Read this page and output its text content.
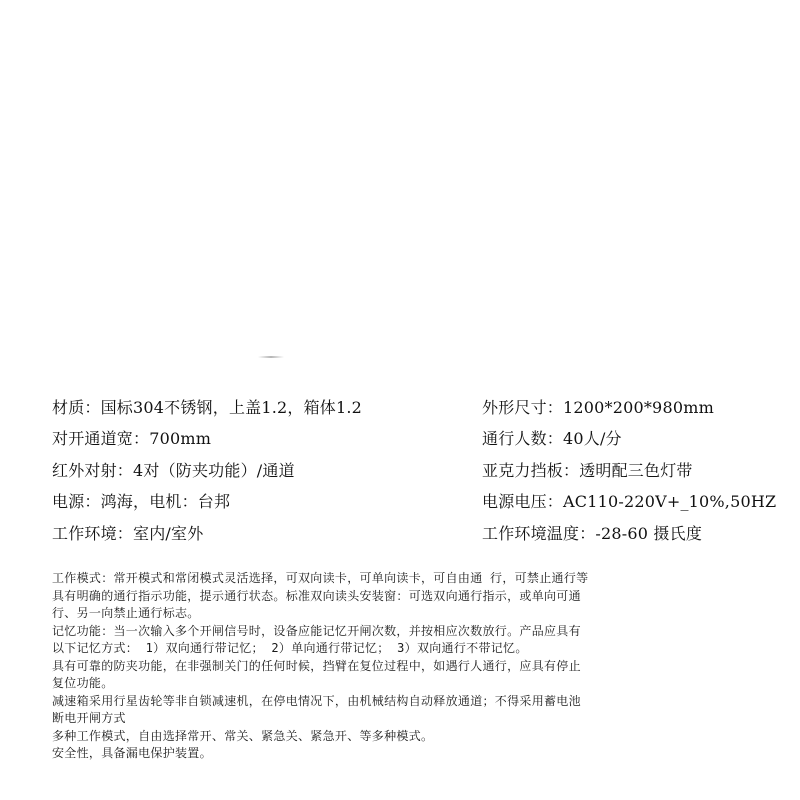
材质：国标304不锈钢，上盖1.2，箱体1.2	外形尺寸：1200*200*980mm
对开通道宽：700mm	通行人数：40人/分
红外对射：4对（防夹功能）/通道	亚克力挡板：透明配三色灯带
电源：鸿海，电机：台邦	电源电压：AC110-220V+_10%,50HZ
工作环境：室内/室外	工作环境温度：-28-60 摄氏度
工作模式：常开模式和常闭模式灵活选择，可双向读卡，可单向读卡，可自由通 行，可禁止通行等
具有明确的通行指示功能，提示通行状态。标准双向读头安装窗：可选双向通行指示，或单向可通
行、另一向禁止通行标志。
记忆功能：当一次输入多个开闸信号时，设备应能记忆开闸次数，并按相应次数放行。产品应具有
以下记忆方式： 1）双向通行带记忆； 2）单向通行带记忆； 3）双向通行不带记忆。
具有可靠的防夹功能，在非强制关门的任何时候，挡臂在复位过程中，如遇行人通行，应具有停止
复位功能。
减速箱采用行星齿轮等非自锁减速机，在停电情况下，由机械结构自动释放通道；不得采用蓄电池
断电开闸方式
多种工作模式，自由选择常开、常关、紧急关、紧急开、等多种模式。
安全性，具备漏电保护装置。
